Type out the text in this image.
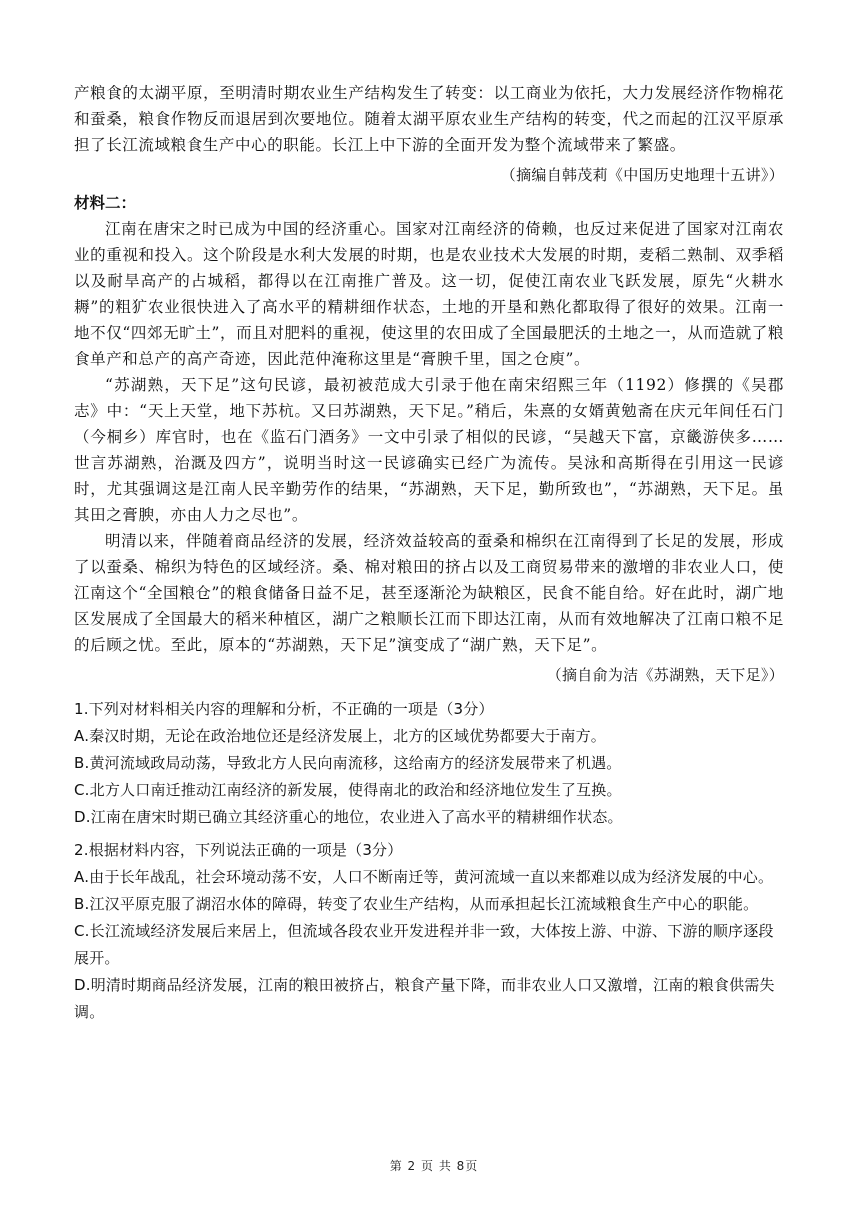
产粮食的太湖平原，至明清时期农业生产结构发生了转变：以工商业为依托，大力发展经济作物棉花和蚕桑，粮食作物反而退居到次要地位。随着太湖平原农业生产结构的转变，代之而起的江汉平原承担了长江流域粮食生产中心的职能。长江上中下游的全面开发为整个流域带来了繁盛。

（摘编自韩茂莉《中国历史地理十五讲》）

材料二：

江南在唐宋之时已成为中国的经济重心。国家对江南经济的倚赖，也反过来促进了国家对江南农业的重视和投入。这个阶段是水利大发展的时期，也是农业技术大发展的时期，麦稻二熟制、双季稻以及耐旱高产的占城稻，都得以在江南推广普及。这一切，促使江南农业飞跃发展，原先“火耕水耨”的粗犷农业很快进入了高水平的精耕细作状态，土地的开垦和熟化都取得了很好的效果。江南一地不仅“四郊无旷土”，而且对肥料的重视，使这里的农田成了全国最肥沃的土地之一，从而造就了粮食单产和总产的高产奇迹，因此范仲淹称这里是“膏腴千里，国之仓庾”。

“苏湖熟，天下足”这句民谚，最初被范成大引录于他在南宋绍熙三年（1192）修撰的《吴郡志》中：“天上天堂，地下苏杭。又曰苏湖熟，天下足。”稍后，朱熹的女婿黄勉斋在庆元年间任石门（今桐乡）库官时，也在《监石门酒务》一文中引录了相似的民谚，“吴越天下富，京畿游侠多……世言苏湖熟，治溉及四方”，说明当时这一民谚确实已经广为流传。吴泳和高斯得在引用这一民谚时，尤其强调这是江南人民辛勤劳作的结果，“苏湖熟，天下足，勤所致也”，“苏湖熟，天下足。虽其田之膏腴，亦由人力之尽也”。

明清以来，伴随着商品经济的发展，经济效益较高的蚕桑和棉织在江南得到了长足的发展，形成了以蚕桑、棉织为特色的区域经济。桑、棉对粮田的挤占以及工商贸易带来的激增的非农业人口，使江南这个“全国粮仓”的粮食储备日益不足，甚至逐渐沦为缺粮区，民食不能自给。好在此时，湖广地区发展成了全国最大的稻米种植区，湖广之粮顺长江而下即达江南，从而有效地解决了江南口粮不足的后顾之忧。至此，原本的“苏湖熟，天下足”演变成了“湖广熟，天下足”。

（摘自俞为洁《苏湖熟，天下足》）

1.下列对材料相关内容的理解和分析，不正确的一项是（3分）

A.秦汉时期，无论在政治地位还是经济发展上，北方的区域优势都要大于南方。

B.黄河流域政局动荡，导致北方人民向南流移，这给南方的经济发展带来了机遇。

C.北方人口南迁推动江南经济的新发展，使得南北的政治和经济地位发生了互换。

D.江南在唐宋时期已确立其经济重心的地位，农业进入了高水平的精耕细作状态。

2.根据材料内容，下列说法正确的一项是（3分）

A.由于长年战乱，社会环境动荡不安，人口不断南迁等，黄河流域一直以来都难以成为经济发展的中心。

B.江汉平原克服了湖沼水体的障碍，转变了农业生产结构，从而承担起长江流域粮食生产中心的职能。

C.长江流域经济发展后来居上，但流域各段农业开发进程并非一致，大体按上游、中游、下游的顺序逐段展开。

D.明清时期商品经济发展，江南的粮田被挤占，粮食产量下降，而非农业人口又激增，江南的粮食供需失调。

第 2 页 共 8页
